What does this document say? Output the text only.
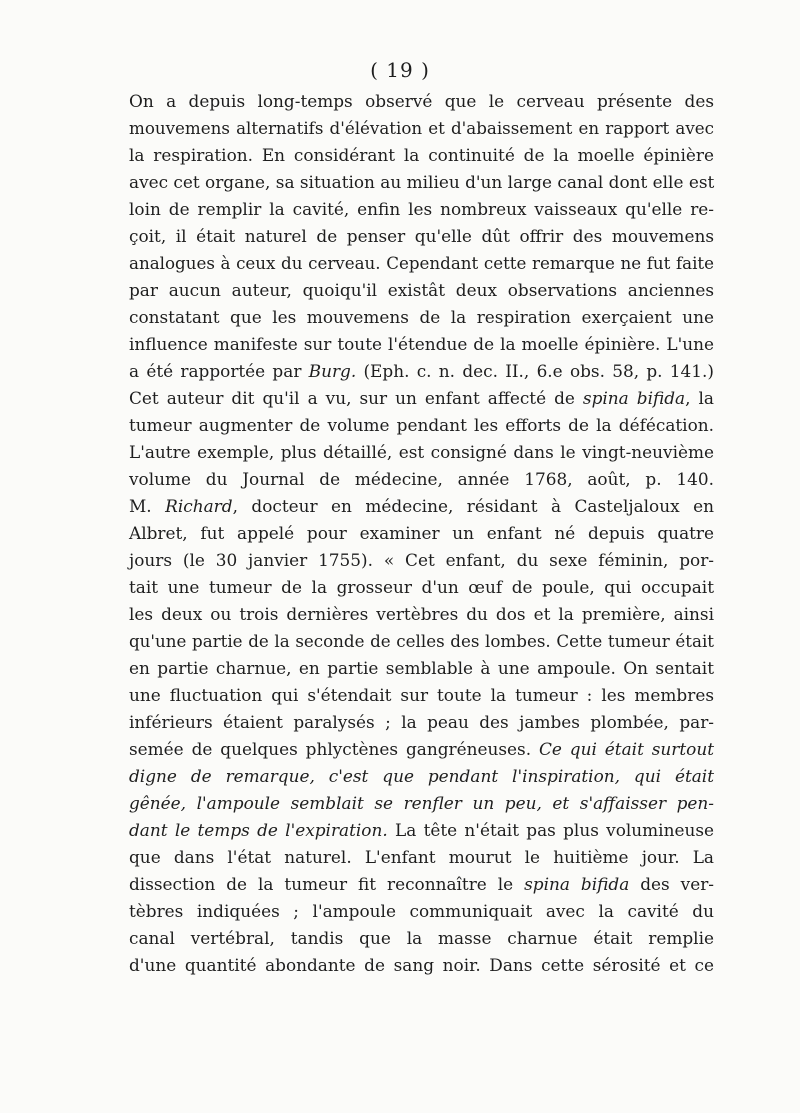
( 19 )
On a depuis long-temps observé que le cerveau présente des
mouvemens alternatifs d'élévation et d'abaissement en rapport avec
la respiration. En considérant la continuité de la moelle épinière
avec cet organe, sa situation au milieu d'un large canal dont elle est
loin de remplir la cavité, enfin les nombreux vaisseaux qu'elle re-
çoit, il était naturel de penser qu'elle dût offrir des mouvemens
analogues à ceux du cerveau. Cependant cette remarque ne fut faite
par aucun auteur, quoiqu'il existât deux observations anciennes
constatant que les mouvemens de la respiration exerçaient une
influence manifeste sur toute l'étendue de la moelle épinière. L'une
a été rapportée par Burg. (Eph. c. n. dec. II., 6.e obs. 58, p. 141.)
Cet auteur dit qu'il a vu, sur un enfant affecté de spina bifida, la
tumeur augmenter de volume pendant les efforts de la défécation.
L'autre exemple, plus détaillé, est consigné dans le vingt-neuvième
volume du Journal de médecine, année 1768, août, p. 140.
M. Richard, docteur en médecine, résidant à Casteljaloux en
Albret, fut appelé pour examiner un enfant né depuis quatre
jours (le 30 janvier 1755). « Cet enfant, du sexe féminin, por-
tait une tumeur de la grosseur d'un œuf de poule, qui occupait
les deux ou trois dernières vertèbres du dos et la première, ainsi
qu'une partie de la seconde de celles des lombes. Cette tumeur était
en partie charnue, en partie semblable à une ampoule. On sentait
une fluctuation qui s'étendait sur toute la tumeur : les membres
inférieurs étaient paralysés ; la peau des jambes plombée, par-
semée de quelques phlyctènes gangréneuses. Ce qui était surtout
digne de remarque, c'est que pendant l'inspiration, qui était
gênée, l'ampoule semblait se renfler un peu, et s'affaisser pen-
dant le temps de l'expiration. La tête n'était pas plus volumineuse
que dans l'état naturel. L'enfant mourut le huitième jour. La
dissection de la tumeur fit reconnaître le spina bifida des ver-
tèbres indiquées ; l'ampoule communiquait avec la cavité du
canal vertébral, tandis que la masse charnue était remplie
d'une quantité abondante de sang noir. Dans cette sérosité et ce
